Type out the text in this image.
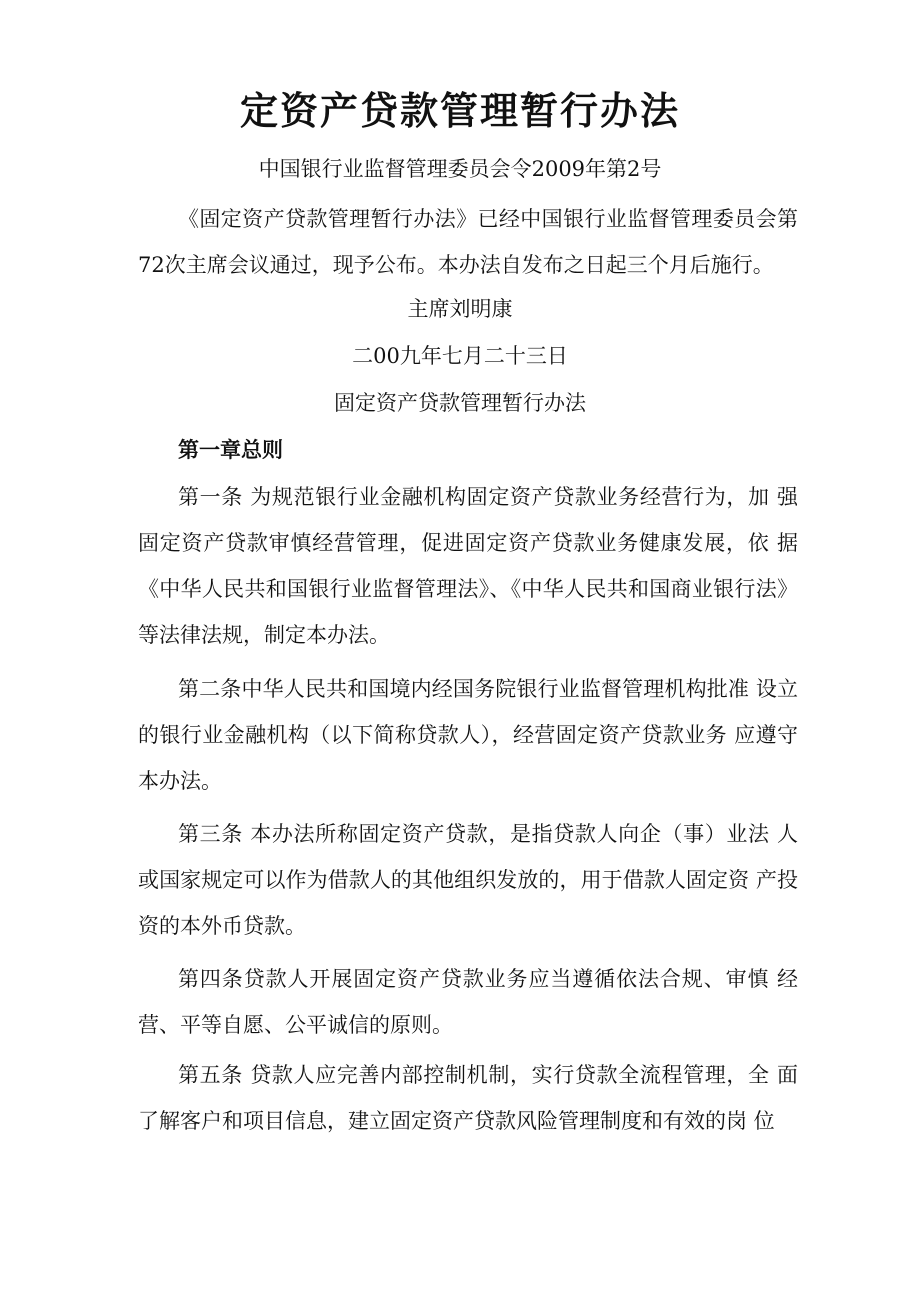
定资产贷款管理暂行办法
中国银行业监督管理委员会令2009年第2号

《固定资产贷款管理暂行办法》已经中国银行业监督管理委员会第 72次主席会议通过，现予公布。本办法自发布之日起三个月后施行。

主席刘明康
二00九年七月二十三日
固定资产贷款管理暂行办法
第一章总则

第一条 为规范银行业金融机构固定资产贷款业务经营行为，加 强固定资产贷款审慎经营管理，促进固定资产贷款业务健康发展，依 据《中华人民共和国银行业监督管理法》、《中华人民共和国商业银行法》等法律法规，制定本办法。

第二条中华人民共和国境内经国务院银行业监督管理机构批准 设立的银行业金融机构（以下简称贷款人），经营固定资产贷款业务 应遵守本办法。

第三条 本办法所称固定资产贷款，是指贷款人向企（事）业法 人或国家规定可以作为借款人的其他组织发放的，用于借款人固定资 产投资的本外币贷款。

第四条贷款人开展固定资产贷款业务应当遵循依法合规、审慎 经营、平等自愿、公平诚信的原则。

第五条 贷款人应完善内部控制机制，实行贷款全流程管理，全 面了解客户和项目信息，建立固定资产贷款风险管理制度和有效的岗 位
